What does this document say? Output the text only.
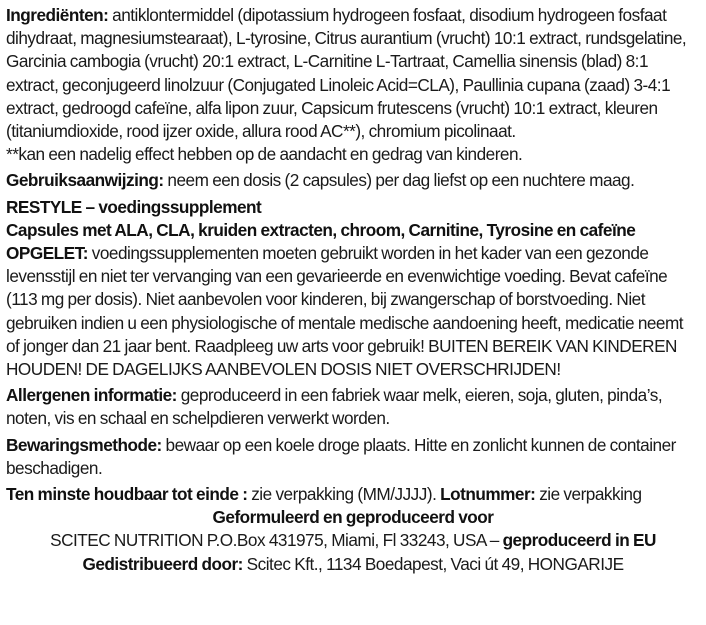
Ingrediënten: antiklontermiddel (dipotassium hydrogeen fosfaat, disodium hydrogeen fosfaat dihydraat, magnesiumstearaat), L-tyrosine, Citrus aurantium (vrucht) 10:1 extract, rundsgelatine, Garcinia cambogia (vrucht) 20:1 extract, L-Carnitine L-Tartraat, Camellia sinensis (blad) 8:1 extract, geconjugeerd linolzuur (Conjugated Linoleic Acid=CLA), Paullinia cupana (zaad) 3-4:1 extract, gedroogd cafeïne, alfa lipon zuur, Capsicum frutescens (vrucht) 10:1 extract, kleuren (titaniumdioxide, rood ijzer oxide, allura rood AC**), chromium picolinaat.

**kan een nadelig effect hebben op de aandacht en gedrag van kinderen.

Gebruiksaanwijzing: neem een dosis (2 capsules) per dag liefst op een nuchtere maag.

RESTYLE – voedingssupplement

Capsules met ALA, CLA, kruiden extracten, chroom, Carnitine, Tyrosine en cafeïne

OPGELET: voedingssupplementen moeten gebruikt worden in het kader van een gezonde levensstijl en niet ter vervanging van een gevarieerde en evenwichtige voeding. Bevat cafeïne (113 mg per dosis). Niet aanbevolen voor kinderen, bij zwangerschap of borstvoeding. Niet gebruiken indien u een physiologische of mentale medische aandoening heeft, medicatie neemt of jonger dan 21 jaar bent. Raadpleeg uw arts voor gebruik! BUITEN BEREIK VAN KINDEREN HOUDEN! DE DAGELIJKS AANBEVOLEN DOSIS NIET OVERSCHRIJDEN!

Allergenen informatie: geproduceerd in een fabriek waar melk, eieren, soja, gluten, pinda’s, noten, vis en schaal en schelpdieren verwerkt worden.

Bewaringsmethode: bewaar op een koele droge plaats. Hitte en zonlicht kunnen de container beschadigen.

Ten minste houdbaar tot einde : zie verpakking (MM/JJJJ). Lotnummer: zie verpakking

Geformuleerd en geproduceerd voor

SCITEC NUTRITION P.O.Box 431975, Miami, Fl 33243, USA – geproduceerd in EU

Gedistribueerd door: Scitec Kft., 1134 Boedapest, Vaci út 49, HONGARIJE
